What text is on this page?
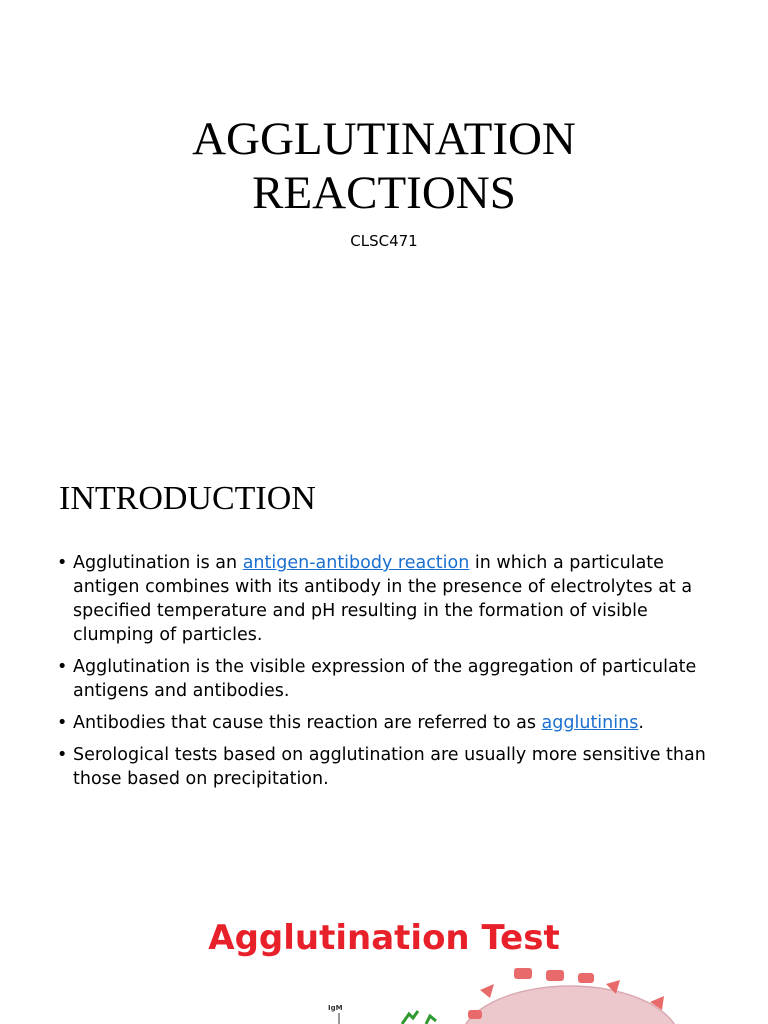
AGGLUTINATION
REACTIONS

CLSC471

INTRODUCTION
• Agglutination is an antigen-antibody reaction in which a particulate antigen combines with its antibody in the presence of electrolytes at a specified temperature and pH resulting in the formation of visible clumping of particles.
• Agglutination is the visible expression of the aggregation of particulate antigens and antibodies.
• Antibodies that cause this reaction are referred to as agglutinins.
• Serological tests based on agglutination are usually more sensitive than those based on precipitation.
Agglutination Test
IgM
